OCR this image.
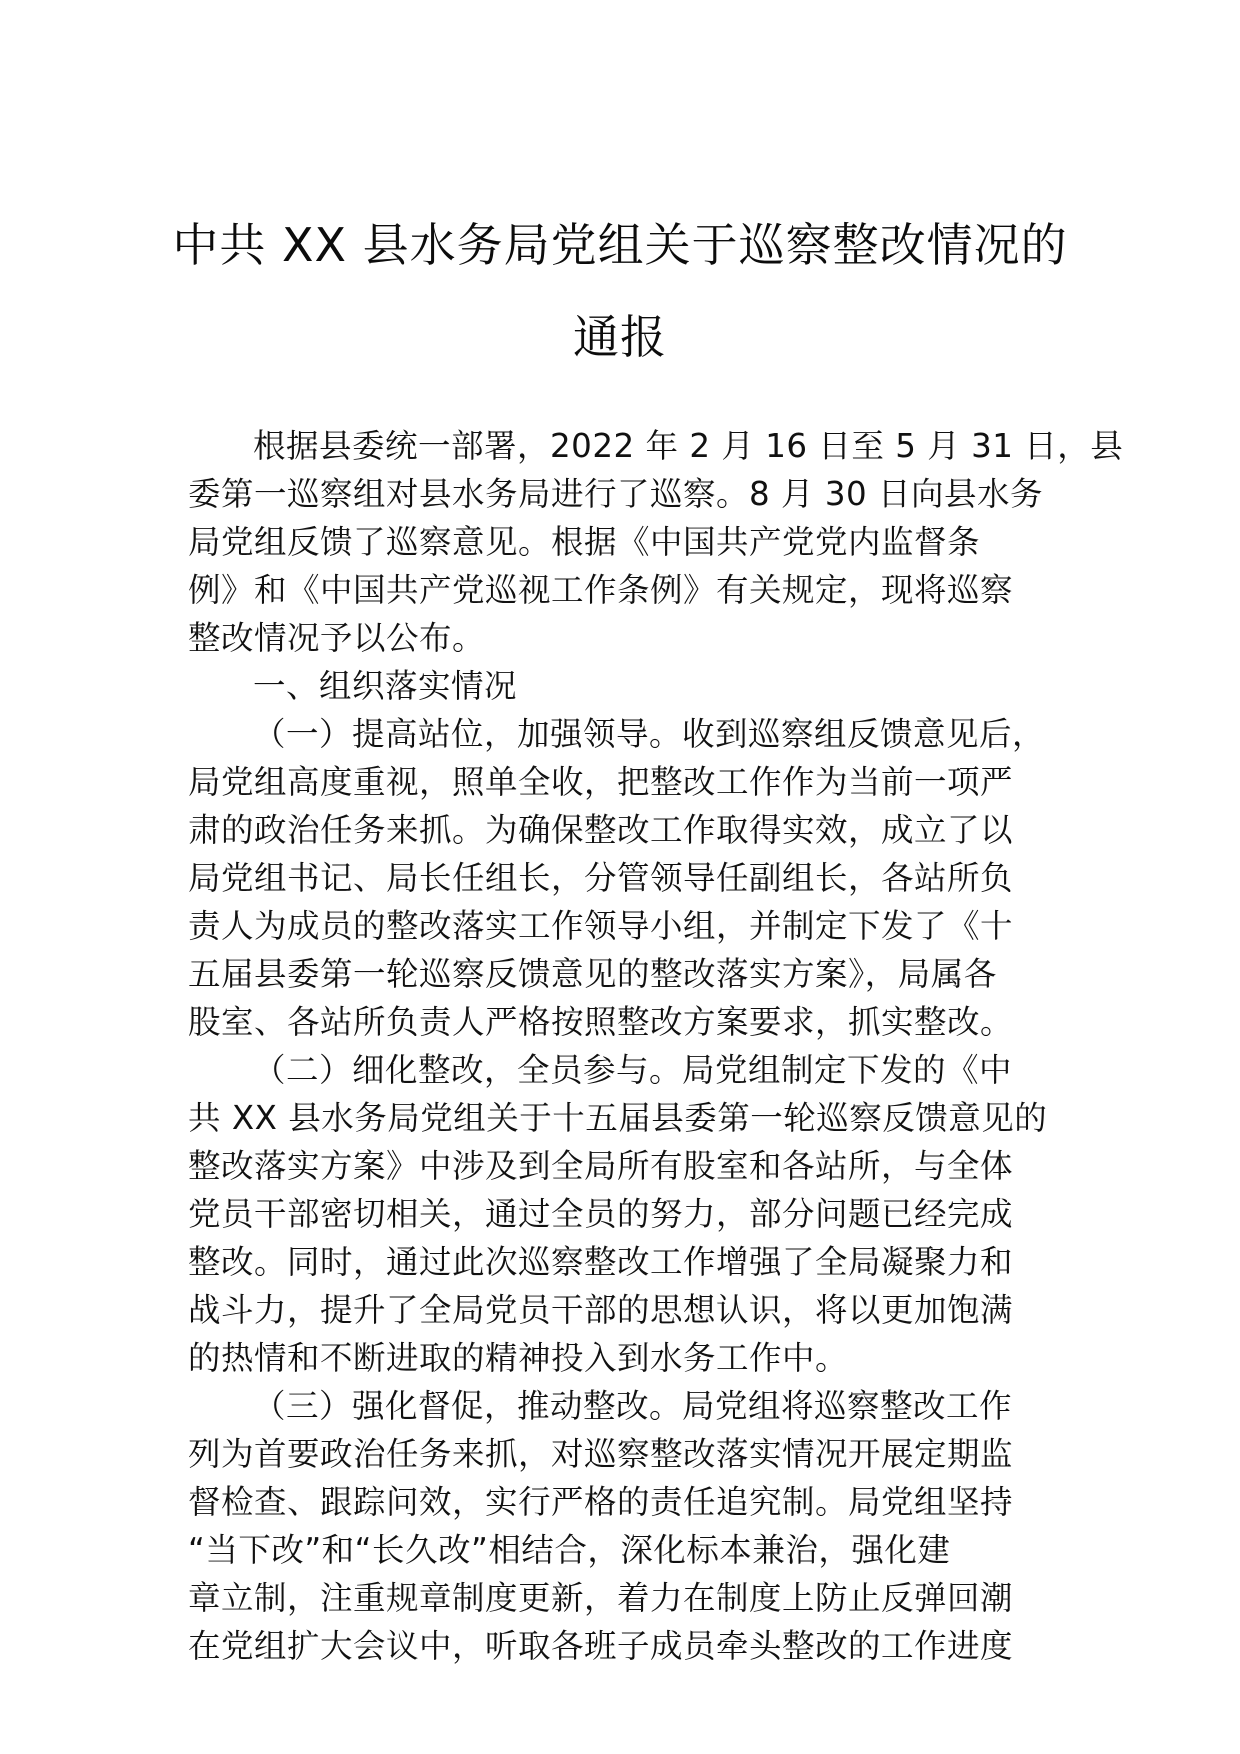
中共 XX 县水务局党组关于巡察整改情况的
通报
根据县委统一部署，2022 年 2 月 16 日至 5 月 31 日，县
委第一巡察组对县水务局进行了巡察。8 月 30 日向县水务
局党组反馈了巡察意见。根据《中国共产党党内监督条
例》和《中国共产党巡视工作条例》有关规定，现将巡察
整改情况予以公布。
一、组织落实情况
（一）提高站位，加强领导。收到巡察组反馈意见后，
局党组高度重视，照单全收，把整改工作作为当前一项严
肃的政治任务来抓。为确保整改工作取得实效，成立了以
局党组书记、局长任组长，分管领导任副组长，各站所负
责人为成员的整改落实工作领导小组，并制定下发了《十
五届县委第一轮巡察反馈意见的整改落实方案》，局属各
股室、各站所负责人严格按照整改方案要求，抓实整改。
（二）细化整改，全员参与。局党组制定下发的《中
共 XX 县水务局党组关于十五届县委第一轮巡察反馈意见的
整改落实方案》中涉及到全局所有股室和各站所，与全体
党员干部密切相关，通过全员的努力，部分问题已经完成
整改。同时，通过此次巡察整改工作增强了全局凝聚力和
战斗力，提升了全局党员干部的思想认识，将以更加饱满
的热情和不断进取的精神投入到水务工作中。
（三）强化督促，推动整改。局党组将巡察整改工作
列为首要政治任务来抓，对巡察整改落实情况开展定期监
督检查、跟踪问效，实行严格的责任追究制。局党组坚持
“当下改”和“长久改”相结合，深化标本兼治，强化建
章立制，注重规章制度更新，着力在制度上防止反弹回潮
在党组扩大会议中，听取各班子成员牵头整改的工作进度
